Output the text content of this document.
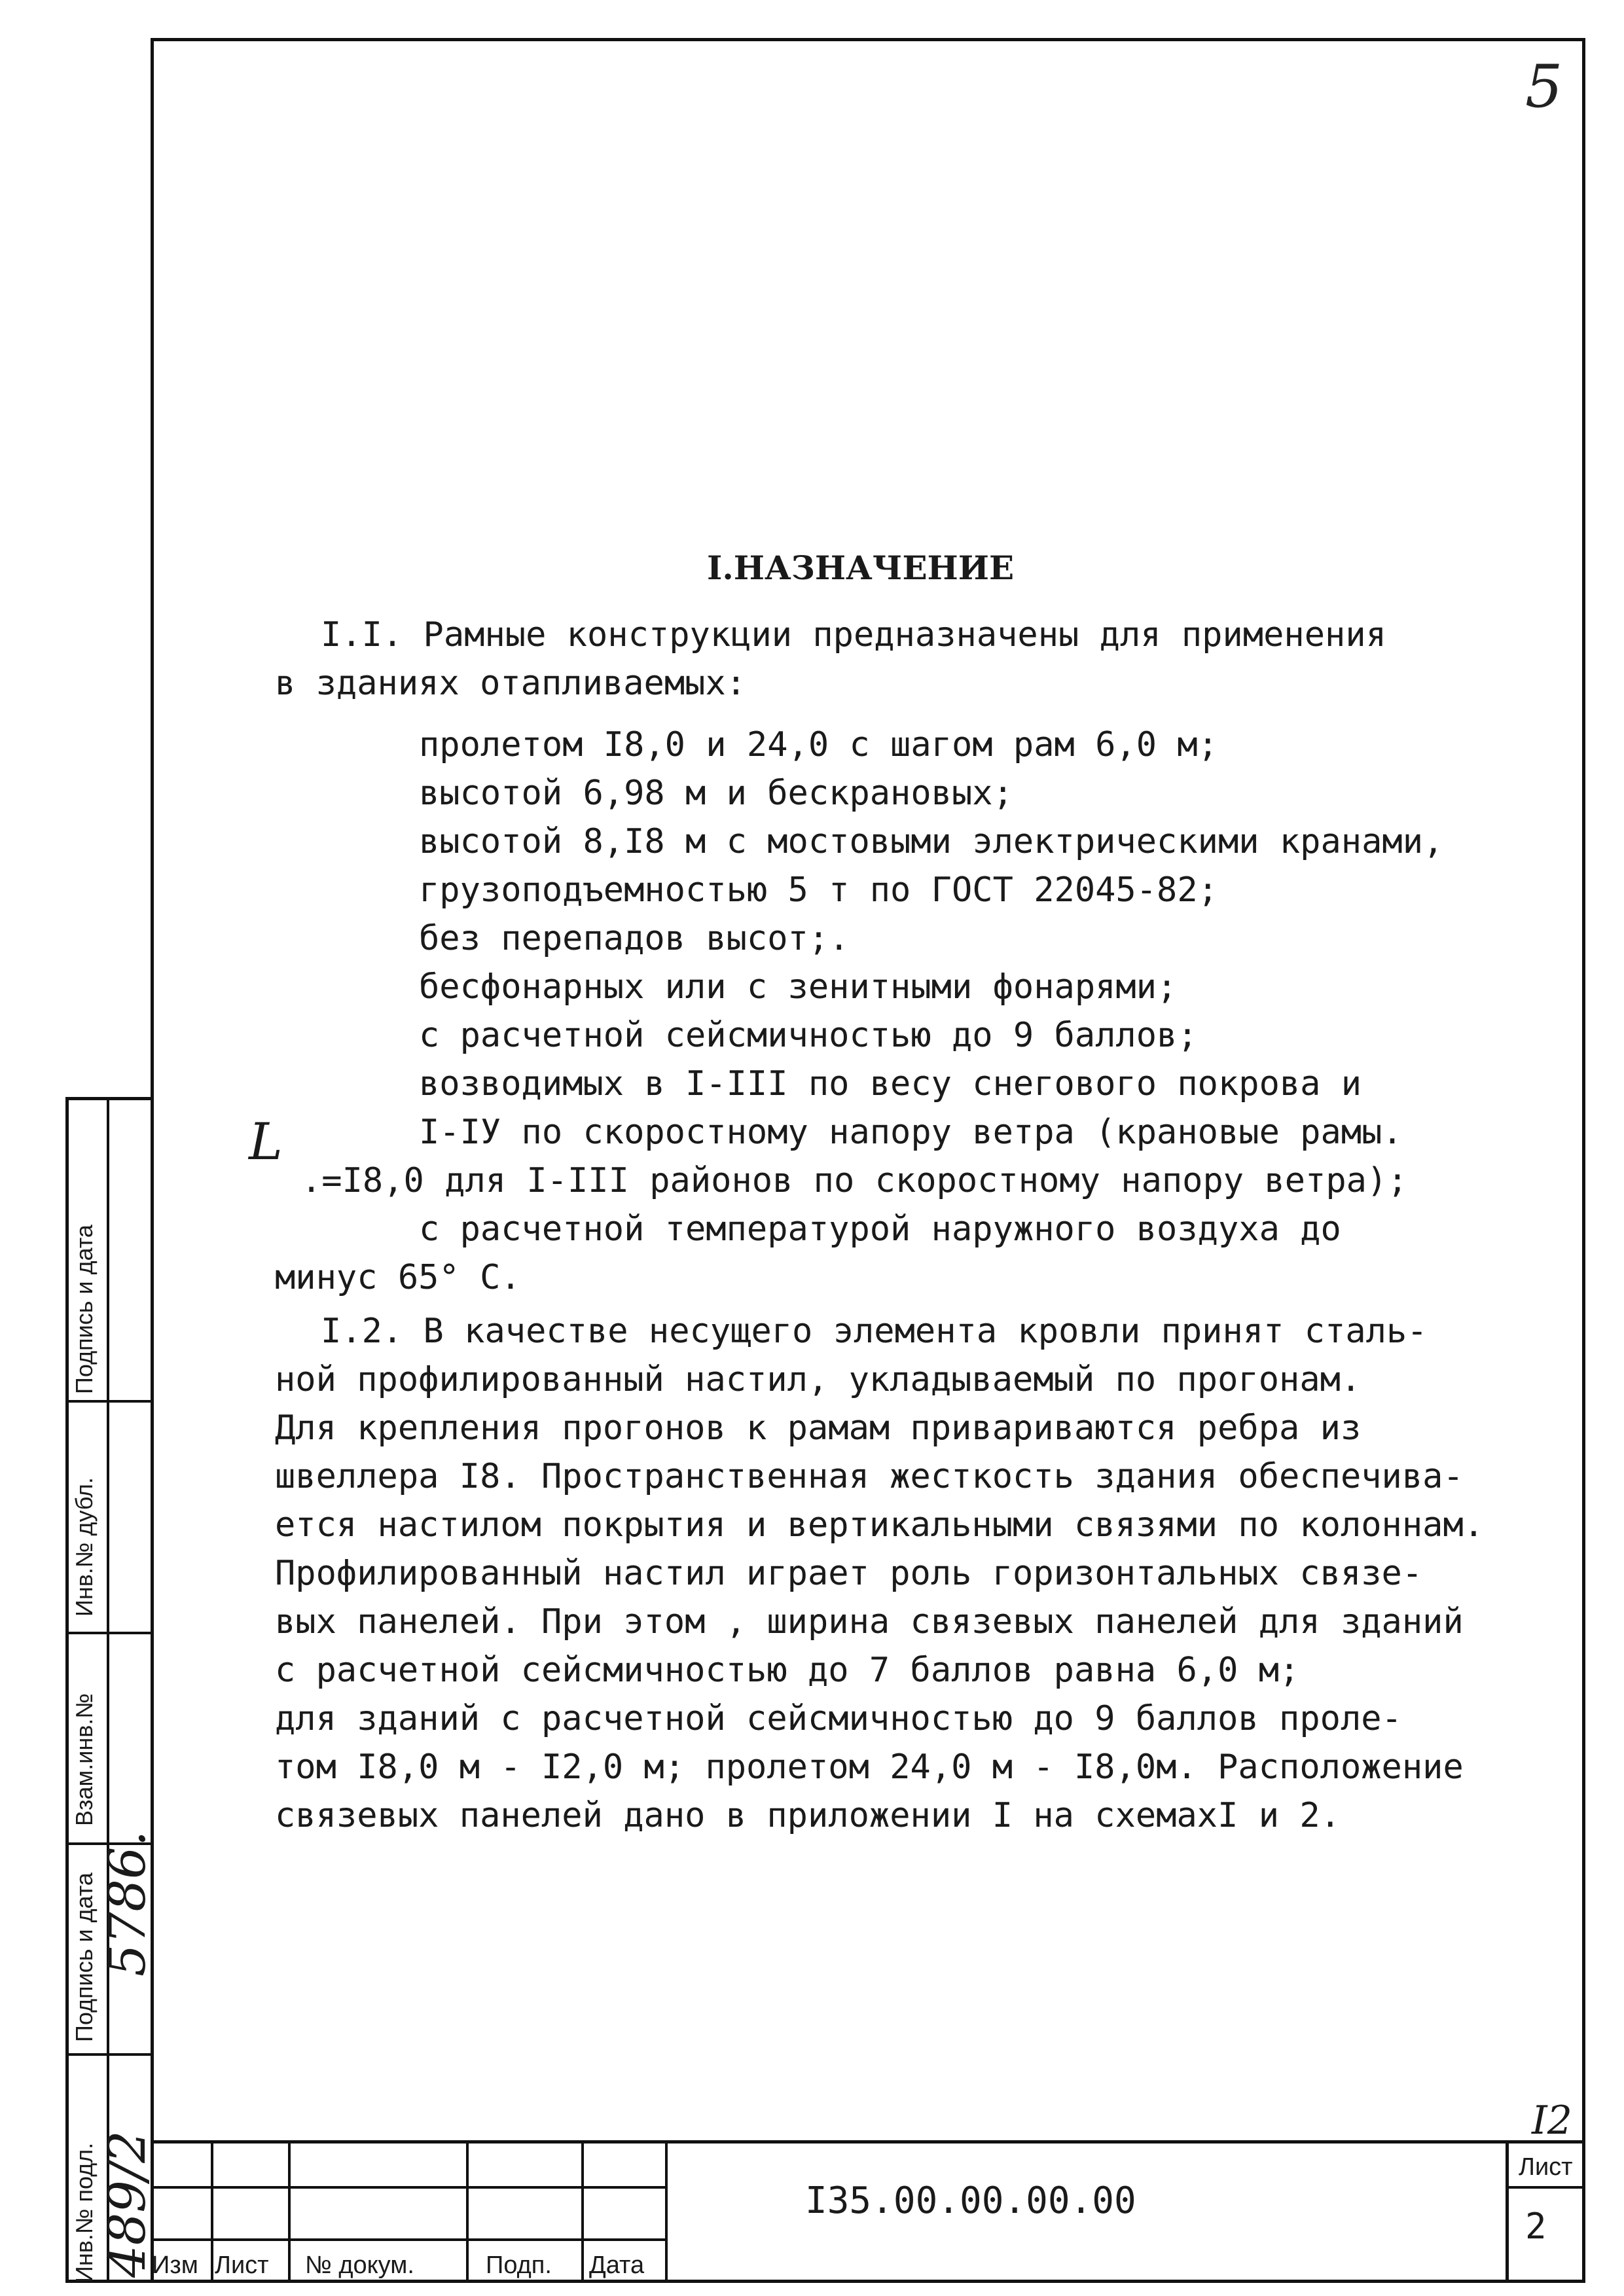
5
I.НАЗНАЧЕНИЕ
I.I. Рамные конструкции предназначены для применения
в зданиях отапливаемых:
пролетом I8,0 и 24,0 с шагом рам 6,0 м;
высотой 6,98 м и бескрановых;
высотой 8,I8 м с мостовыми электрическими кранами,
грузоподъемностью 5 т по ГОСТ 22045-82;
без перепадов высот;.
бесфонарных или с зенитными фонарями;
с расчетной сейсмичностью до 9 баллов;
возводимых в I-III по весу снегового покрова и
I-IУ по скоростному напору ветра (крановые рамы.
.=I8,0 для I-III районов по скоростному напору ветра);
с расчетной температурой наружного воздуха до
минус 65° С.
I.2. В качестве несущего элемента кровли принят сталь-
ной профилированный настил, укладываемый по прогонам.
Для крепления прогонов к рамам привариваются ребра из
швеллера I8. Пространственная жесткость здания обеспечива-
ется настилом покрытия и вертикальными связями по колоннам.
Профилированный настил играет роль горизонтальных связе-
вых панелей. При этом , ширина связевых панелей для зданий
с расчетной сейсмичностью до 7 баллов равна 6,0 м;
для зданий с расчетной сейсмичностью до 9 баллов проле-
том I8,0 м - I2,0 м; пролетом 24,0 м - I8,0м. Расположение
связевых панелей дано в приложении I на схемахI и 2.
L
Изм Лист № докум.	Подп. Дата
I35.00.00.00.00
Лист
2
I2
Инв.№ подл.
Подпись и дата
Взам.инв.№
Инв.№ дубл.
Подпись и дата
489/2
5786.
